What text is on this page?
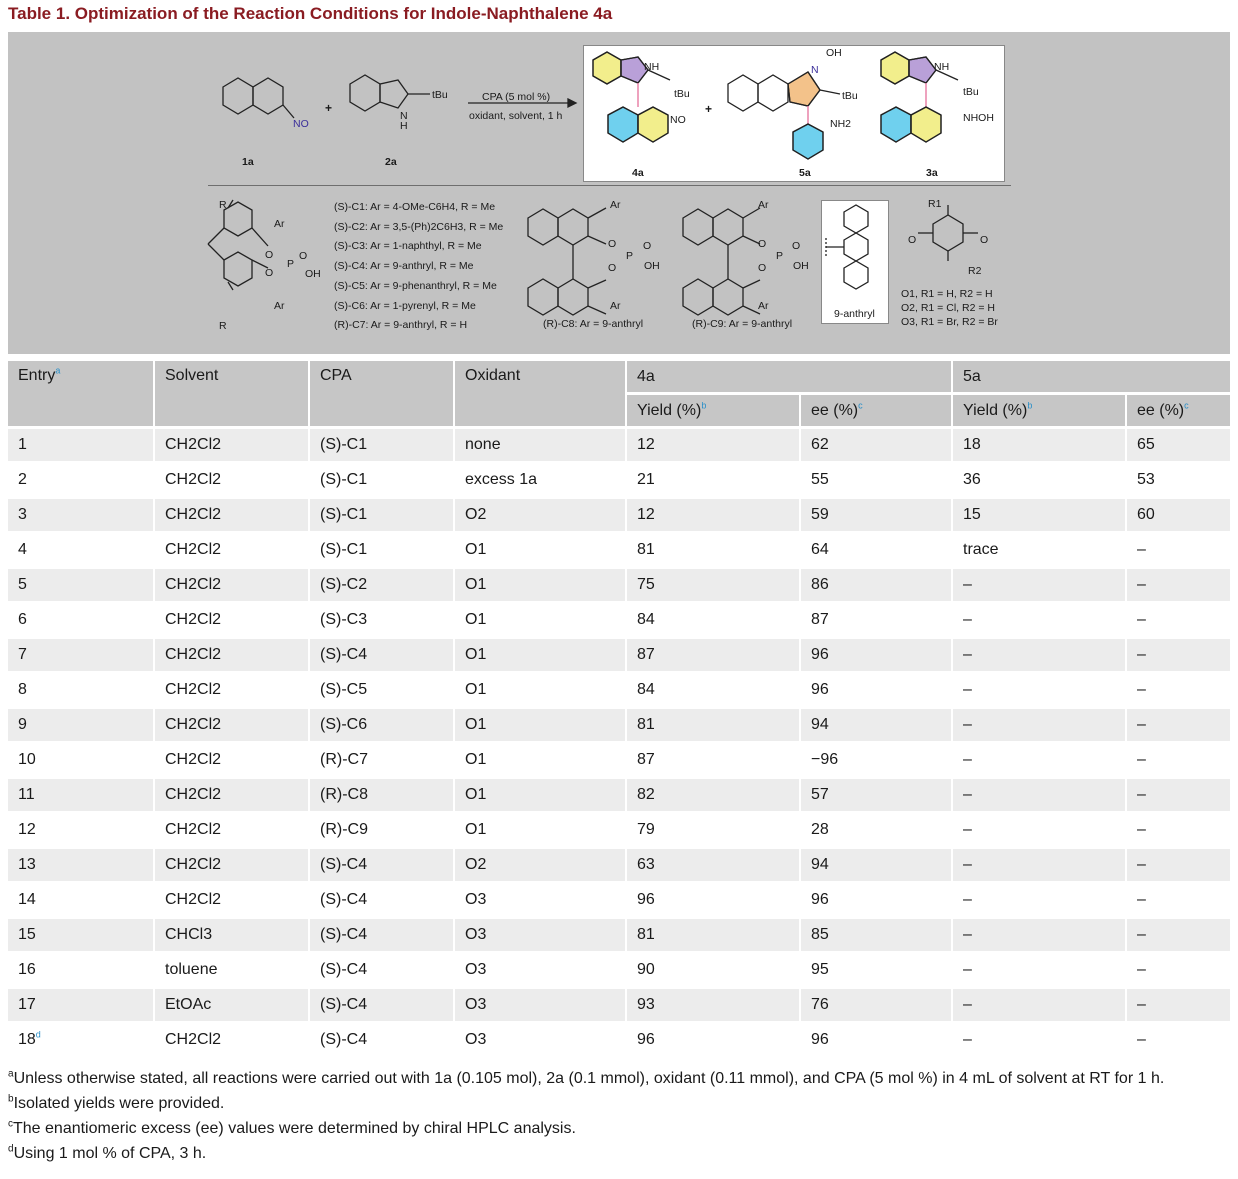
Table 1. Optimization of the Reaction Conditions for Indole-Naphthalene 4a
NO
1a
+
tBu
N
H
2a
CPA (5 mol %)
oxidant, solvent, 1 h
NH
tBu
NO
4a
+
OH
N
tBu
NH2
5a
NH
tBu
NHOH
3a
R
Ar
O
P
O
O	OH
Ar
R
(S)-C1: Ar = 4-OMe-C6H4, R = Me
(S)-C2: Ar = 3,5-(Ph)2C6H3, R = Me
(S)-C3: Ar = 1-naphthyl, R = Me
(S)-C4: Ar = 9-anthryl, R = Me
(S)-C5: Ar = 9-phenanthryl, R = Me
(S)-C6: Ar = 1-pyrenyl, R = Me
(R)-C7: Ar = 9-anthryl, R = H
Ar
O
P
O
O	OH
Ar
(R)-C8: Ar = 9-anthryl
Ar
O
P
O
O	OH
Ar
(R)-C9: Ar = 9-anthryl
9-anthryl
R1
O	O
R2
O1, R1 = H, R2 = H
O2, R1 = Cl, R2 = H
O3, R1 = Br, R2 = Br
Entry$^a$	Solvent	CPA	Oxidant	4a		5a	
				Yield (%)$^b$	ee (%)$^c$	Yield (%)$^b$	ee (%)$^c$
1	CH2Cl2	(S)-C1	none	12	62	18	65
2	CH2Cl2	(S)-C1	excess 1a	21	55	36	53
3	CH2Cl2	(S)-C1	O2	12	59	15	60
4	CH2Cl2	(S)-C1	O1	81	64	trace	–
5	CH2Cl2	(S)-C2	O1	75	86	–	–
6	CH2Cl2	(S)-C3	O1	84	87	–	–
7	CH2Cl2	(S)-C4	O1	87	96	–	–
8	CH2Cl2	(S)-C5	O1	84	96	–	–
9	CH2Cl2	(S)-C6	O1	81	94	–	–
10	CH2Cl2	(R)-C7	O1	87	−96	–	–
11	CH2Cl2	(R)-C8	O1	82	57	–	–
12	CH2Cl2	(R)-C9	O1	79	28	–	–
13	CH2Cl2	(S)-C4	O2	63	94	–	–
14	CH2Cl2	(S)-C4	O3	96	96	–	–
15	CHCl3	(S)-C4	O3	81	85	–	–
16	toluene	(S)-C4	O3	90	95	–	–
17	EtOAc	(S)-C4	O3	93	76	–	–
18$^d$	CH2Cl2	(S)-C4	O3	96	96	–	–
$^a$Unless otherwise stated, all reactions were carried out with 1a (0.105 mol), 2a (0.1 mmol), oxidant (0.11 mmol), and CPA (5 mol %) in 4 mL of solvent at RT for 1 h.
$^b$Isolated yields were provided.
$^c$The enantiomeric excess (ee) values were determined by chiral HPLC analysis.
$^d$Using 1 mol % of CPA, 3 h.
